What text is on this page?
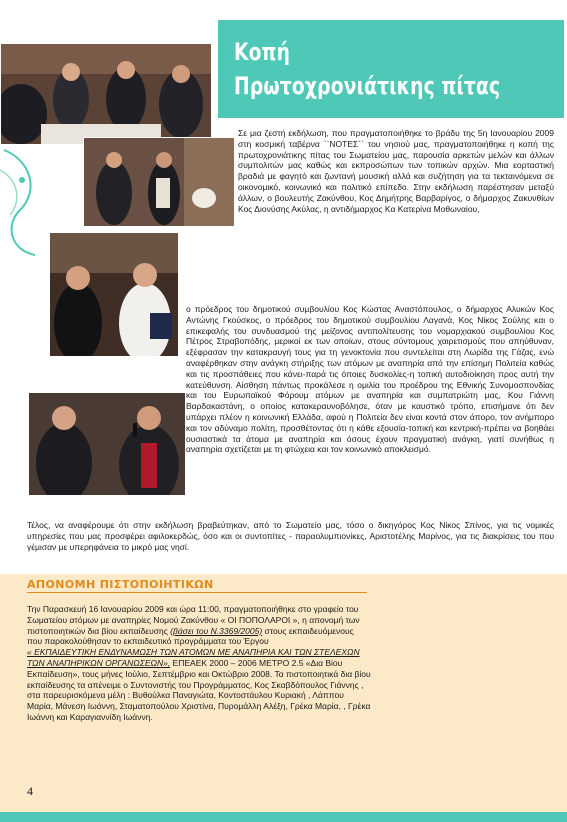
Κοπή
Πρωτοχρονιάτικης πίτας

Σε μια ζεστή εκδήλωση, που πραγματοποιήθηκε το βράδυ της 5η Ιανουαρίου 2009 στη κοσμική ταβέρνα ``ΝΟΤΕΣ`` του νησιού μας, πραγματοποιήθηκε η κοπή της πρωτοχρονιάτικης πίτας του Σωματείου μας, παρουσία αρκετών μελών και άλλων συμπολιτών μας καθώς και εκπροσώπων των τοπικών αρχών. Μια εορταστική βραδιά με φαγητό και ζωντανή μουσική αλλά και συζήτηση για τα τεκταινόμενα σε οικονομικό, κοινωνικό και πολιτικό επίπεδο. Στην εκδήλωση παρέστησαν μεταξύ άλλων, ο βουλευτής Ζακύνθου, Κος Δημήτρης Βαρβαρίγος, ο δήμαρχος Ζακυνθίων Κος Διονύσης Ακύλας, η αντιδήμαρχος Κα Κατερίνα Μοθωναίου,

ο πρόεδρος του δημοτικού συμβουλίου Κος Κώστας Αναστόπουλος, ο δήμαρχος Αλυκών Κος Αντώνης Γκούσκος, ο πρόεδρος του δημοτικού συμβουλίου Λαγανά, Κος Νίκος Σούλης και ο επικεφαλής του συνδυασμού της μείζονος αντιπολίτευσης του νομαρχιακού συμβουλίου Κος Πέτρος Στραβοπόδης, μερικοί εκ των οποίων, στους σύντομους χαιρετισμούς που απηύθυναν, εξέφρασαν την κατακραυγή τους για τη γενοκτονία που συντελείται στη Λωρίδα της Γάζας, ενώ αναφέρθηκαν στην ανάγκη στήριξης των ατόμων με αναπηρία από την επίσημη Πολιτεία καθώς και τις προσπάθειες που κάνει-παρά τις όποιες δυσκολίες-η τοπική αυτοδιοίκηση προς αυτή την κατεύθυνση. Αίσθηση πάντως προκάλεσε η ομιλία του προέδρου της Εθνικής Συνομοσπονδίας και του Ευρωπαϊκού Φόρουμ ατόμων με αναπηρία και συμπατριώτη μας, Κου Γιάννη Βαρδακαστάνη, ο οποίος κατακεραυνοβόλησε, όταν με καυστικό τρόπο, επισήμανε ότι δεν υπάρχει πλέον η κοινωνική Ελλάδα, αφού η Πολιτεία δεν είναι κοντά στον άπορο, τον ανήμπορο και τον αδύναμο πολίτη, προσθέτοντας ότι η κάθε εξουσία-τοπική και κεντρική-πρέπει να βοηθάει ουσιαστικά τα άτομα με αναπηρία και όσους έχουν πραγματική ανάγκη, γιατί συνήθως η αναπηρία σχετίζεται με τη φτώχεια και τον κοινωνικό αποκλεισμό.

Τέλος, να αναφέρουμε ότι στην εκδήλωση βραβεύτηκαν, από το Σωματείο μας, τόσο ο δικηγόρος Κος Νίκος Σπίνος, για τις νομικές υπηρεσίες που μας προσφέρει αφιλοκερδώς, όσο και οι συντοπίτες - παραολυμπιονίκες, Αριστοτέλης Μαρίνος, για τις διακρίσεις του που γέμισαν με υπερηφάνεια το μικρό μας νησί.

ΑΠΟΝΟΜΗ ΠΙΣΤΟΠΟΙΗΤΙΚΩΝ

Την Παρασκευή 16 Ιανουαρίου 2009 και ώρα 11:00, πραγματοποιήθηκε στο γραφείο του Σωματείου ατόμων με αναπηρίες Νομού Ζακύνθου « ΟΙ ΠΟΠΟΛΑΡΟΙ », η απονομή των πιστοποιητικών δια βίου εκπαίδευσης (βάσει του Ν.3369/2005) στους εκπαιδευόμενους που παρακολούθησαν το εκπαιδευτικό προγράμματα του Έργου
« ΕΚΠΑΙΔΕΥΤΙΚΗ ΕΝΔΥΝΑΜΩΣΗ ΤΩΝ ΑΤΟΜΩΝ ΜΕ ΑΝΑΠΗΡΙΑ ΚΑΙ ΤΩΝ ΣΤΕΛΕΧΩΝ ΤΩΝ ΑΝΑΠΗΡΙΚΩΝ ΟΡΓΑΝΩΣΕΩΝ», ΕΠΕΑΕΚ 2000 – 2006 ΜΕΤΡΟ 2.5 «Δια Βίου Εκπαίδευση», τους μήνες Ιούλιο, Σεπτέμβριο και Οκτώβριο 2008. Τα πιστοποιητικά δια βίου εκπαίδευσης τα απένειμε ο Συντονιστής του Προγράμματος, Κος Σκαβδόπουλος Γιάννης , στα παρευρισκόμενα μέλη : Βυθούλκα Παναγιώτα, Κοντοστάυλου Κυριακή , Λάππου Μαρία, Μάνεση Ιωάννη, Σταματοπούλου Χριστίνα, Πυρομάλλη Αλέξη, Γρέκα Μαρία, , Γρέκα Ιωάννη και Καραγιαννίδη Ιωάννη.

4
